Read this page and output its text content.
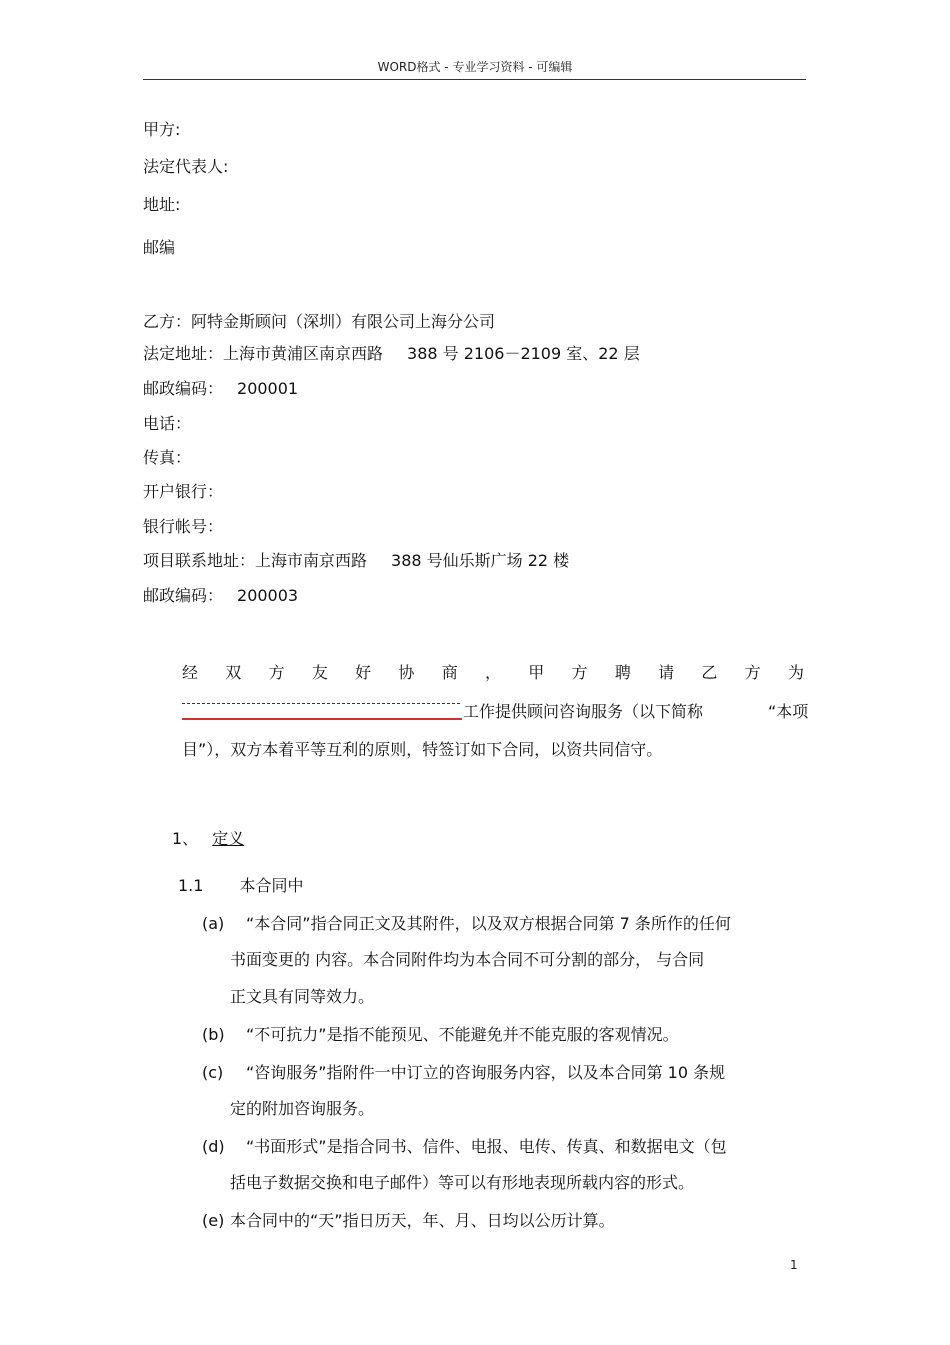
WORD格式 - 专业学习资料 - 可编辑
甲方:
法定代表人:
地址:
邮编
乙方：阿特金斯顾问（深圳）有限公司上海分公司
法定地址：上海市黄浦区南京西路 388 号 2106－2109 室、22 层
邮政编码： 200001
电话：
传真：
开户银行：
银行帐号：
项目联系地址：上海市南京西路 388 号仙乐斯广场 22 楼
邮政编码： 200003
经 双 方 友 好 协 商 ， 甲 方 聘 请 乙 方 为
工作提供顾问咨询服务（以下简称	“本项
目”），双方本着平等互利的原则，特签订如下合同，以资共同信守。
1、 定义
1.1 本合同中
(a) “本合同”指合同正文及其附件，以及双方根据合同第 7 条所作的任何
书面变更的 内容。本合同附件均为本合同不可分割的部分， 与合同
正文具有同等效力。
(b) “不可抗力”是指不能预见、不能避免并不能克服的客观情况。
(c) “咨询服务”指附件一中订立的咨询服务内容，以及本合同第 10 条规
定的附加咨询服务。
(d) “书面形式”是指合同书、信件、电报、电传、传真、和数据电文（包
括电子数据交换和电子邮件）等可以有形地表现所载内容的形式。
(e) 本合同中的“天”指日历天，年、月、日均以公历计算。
1
